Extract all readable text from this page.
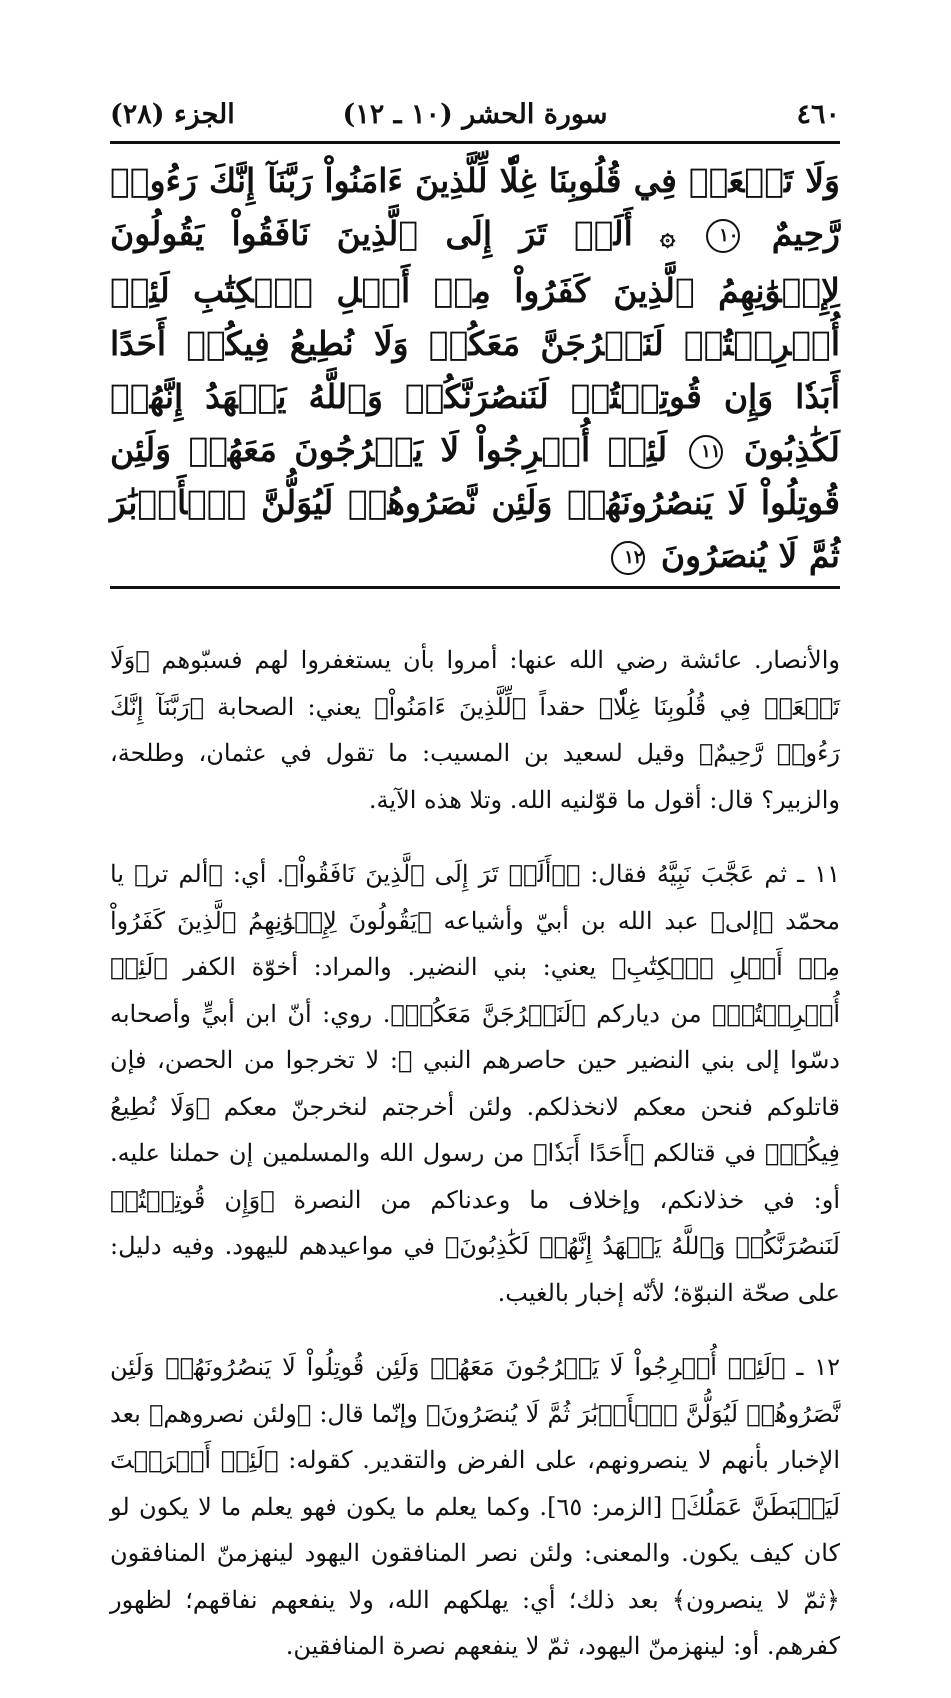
٤٦٠
سورة الحشر (١٠ ـ ١٢)
الجزء (٢٨)
وَلَا تَجۡعَلۡ فِي قُلُوبِنَا غِلّٗا لِّلَّذِينَ ءَامَنُواْ رَبَّنَآ إِنَّكَ رَءُوفٞ رَّحِيمٌ ١٠ ۞ أَلَمۡ تَرَ إِلَى ٱلَّذِينَ نَافَقُواْ يَقُولُونَ لِإِخۡوَٰنِهِمُ ٱلَّذِينَ كَفَرُواْ مِنۡ أَهۡلِ ٱلۡكِتَٰبِ لَئِنۡ أُخۡرِجۡتُمۡ لَنَخۡرُجَنَّ مَعَكُمۡ وَلَا نُطِيعُ فِيكُمۡ أَحَدًا أَبَدٗا وَإِن قُوتِلۡتُمۡ لَنَنصُرَنَّكُمۡ وَٱللَّهُ يَشۡهَدُ إِنَّهُمۡ لَكَٰذِبُونَ ١١ لَئِنۡ أُخۡرِجُواْ لَا يَخۡرُجُونَ مَعَهُمۡ وَلَئِن قُوتِلُواْ لَا يَنصُرُونَهُمۡ وَلَئِن نَّصَرُوهُمۡ لَيُوَلُّنَّ ٱلۡأَدۡبَٰرَ ثُمَّ لَا يُنصَرُونَ ١٢

والأنصار. عائشة رضي الله عنها: أمروا بأن يستغفروا لهم فسبّوهم ﴿وَلَا تَجۡعَلۡ فِي قُلُوبِنَا غِلّٗا﴾ حقداً ﴿لِّلَّذِينَ ءَامَنُواْ﴾ يعني: الصحابة ﴿رَبَّنَآ إِنَّكَ رَءُوفٞ رَّحِيمٌ﴾ وقيل لسعيد بن المسيب: ما تقول في عثمان، وطلحة، والزبير؟ قال: أقول ما قوّلنيه الله. وتلا هذه الآية.

١١ ـ ثم عَجَّبَ نَبِيَّهُ فقال: ﴿۞أَلَمۡ تَرَ إِلَى ٱلَّذِينَ نَافَقُواْ﴾. أي: ﴿ألم تر﴾ يا محمّد ﴿إلى﴾ عبد الله بن أبيّ وأشياعه ﴿يَقُولُونَ لِإِخۡوَٰنِهِمُ ٱلَّذِينَ كَفَرُواْ مِنۡ أَهۡلِ ٱلۡكِتَٰبِ﴾ يعني: بني النضير. والمراد: أخوّة الكفر ﴿لَئِنۡ أُخۡرِجۡتُمۡ﴾ من دياركم ﴿لَنَخۡرُجَنَّ مَعَكُمۡ﴾. روي: أنّ ابن أبيٍّ وأصحابه دسّوا إلى بني النضير حين حاصرهم النبي ﷺ: لا تخرجوا من الحصن، فإن قاتلوكم فنحن معكم لانخذلكم. ولئن أخرجتم لنخرجنّ معكم ﴿وَلَا نُطِيعُ فِيكُمۡ﴾ في قتالكم ﴿أَحَدًا أَبَدٗا﴾ من رسول الله والمسلمين إن حملنا عليه. أو: في خذلانكم، وإخلاف ما وعدناكم من النصرة ﴿وَإِن قُوتِلۡتُمۡ لَنَنصُرَنَّكُمۡ وَٱللَّهُ يَشۡهَدُ إِنَّهُمۡ لَكَٰذِبُونَ﴾ في مواعيدهم لليهود. وفيه دليل: على صحّة النبوّة؛ لأنّه إخبار بالغيب.

١٢ ـ ﴿لَئِنۡ أُخۡرِجُواْ لَا يَخۡرُجُونَ مَعَهُمۡ وَلَئِن قُوتِلُواْ لَا يَنصُرُونَهُمۡ وَلَئِن نَّصَرُوهُمۡ لَيُوَلُّنَّ ٱلۡأَدۡبَٰرَ ثُمَّ لَا يُنصَرُونَ﴾ وإنّما قال: ﴿ولئن نصروهم﴾ بعد الإخبار بأنهم لا ينصرونهم، على الفرض والتقدير. كقوله: ﴿لَئِنۡ أَشۡرَكۡتَ لَيَحۡبَطَنَّ عَمَلُكَ﴾ [الزمر: ٦٥]. وكما يعلم ما يكون فهو يعلم ما لا يكون لو كان كيف يكون. والمعنى: ولئن نصر المنافقون اليهود لينهزمنّ المنافقون ﴿ثمّ لا ينصرون﴾ بعد ذلك؛ أي: يهلكهم الله، ولا ينفعهم نفاقهم؛ لظهور كفرهم. أو: لينهزمنّ اليهود، ثمّ لا ينفعهم نصرة المنافقين.
